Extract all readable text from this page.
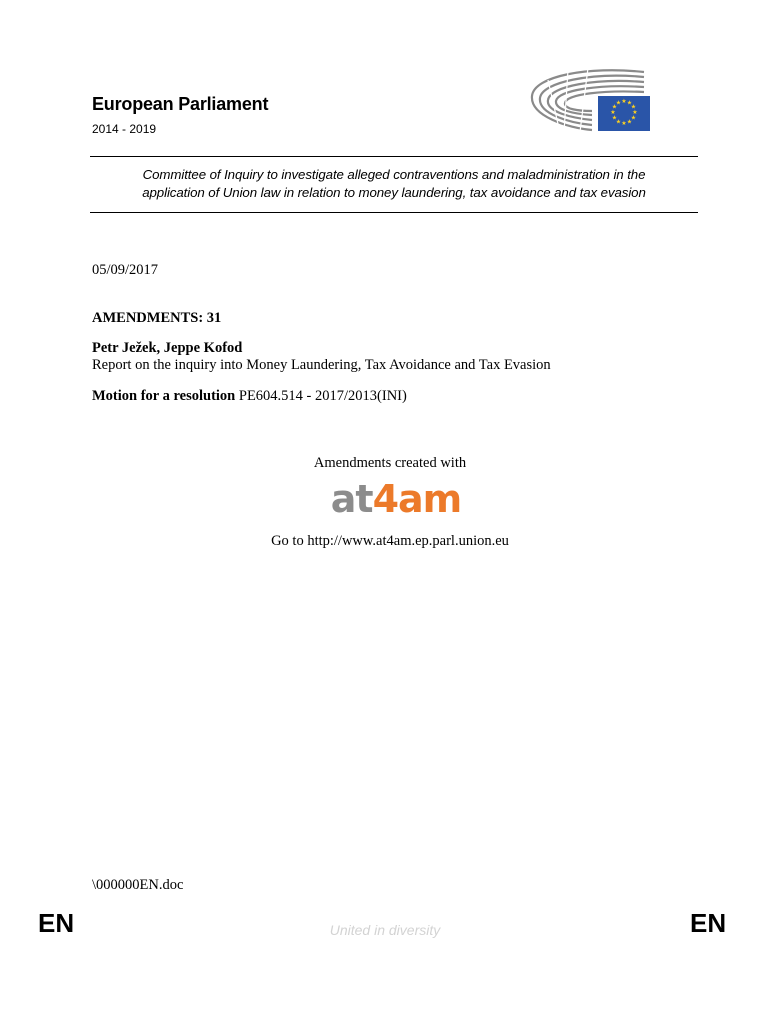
European Parliament
2014 - 2019
★ ★
★
★
★
★
★
★
★
★
★
★
Committee of Inquiry to investigate alleged contraventions and maladministration in the
application of Union law in relation to money laundering, tax avoidance and tax evasion
05/09/2017
AMENDMENTS: 31
Petr Ježek, Jeppe Kofod
Report on the inquiry into Money Laundering, Tax Avoidance and Tax Evasion
Motion for a resolution PE604.514 - 2017/2013(INI)
Amendments created with
at4am
Go to http://www.at4am.ep.parl.union.eu
\000000EN.doc
EN	United in diversity	EN
